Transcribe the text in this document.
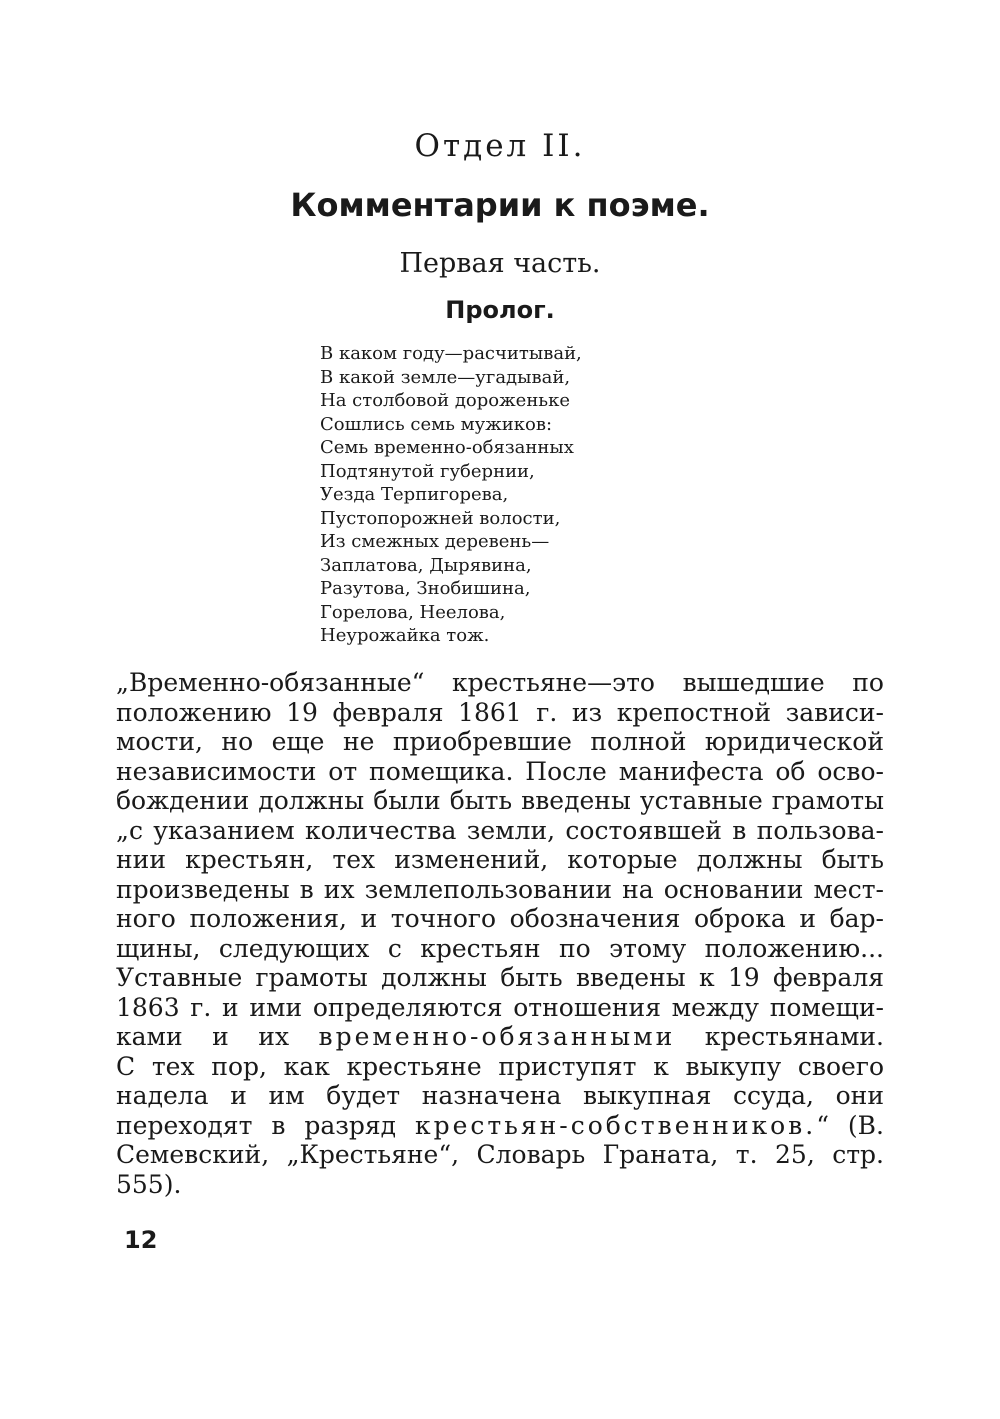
Отдел II.
Комментарии к поэме.
Первая часть.
Пролог.
В каком году—расчитывай,
В какой земле—угадывай,
На столбовой дороженьке
Сошлись семь мужиков:
Семь временно-обязанных
Подтянутой губернии,
Уезда Терпигорева,
Пустопорожней волости,
Из смежных деревень—
Заплатова, Дырявина,
Разутова, Знобишина,
Горелова, Неелова,
Неурожайка тож.
„Временно-обязанные“ крестьяне—это вышедшие по
положению 19 февраля 1861 г. из крепостной зависи-
мости, но еще не приобревшие полной юридической
независимости от помещика. После манифеста об осво-
бождении должны были быть введены уставные грамоты
„с указанием количества земли, состоявшей в пользова-
нии крестьян, тех изменений, которые должны быть
произведены в их землепользовании на основании мест-
ного положения, и точного обозначения оброка и бар-
щины, следующих с крестьян по этому положению...
Уставные грамоты должны быть введены к 19 февраля
1863 г. и ими определяются отношения между помещи-
ками и их временно-обязанными крестьянами.
С тех пор, как крестьяне приступят к выкупу своего
надела и им будет назначена выкупная ссуда, они
переходят в разряд крестьян-собственников.“ (В.
Семевский, „Крестьяне“, Словарь Граната, т. 25, стр.
555).
12
